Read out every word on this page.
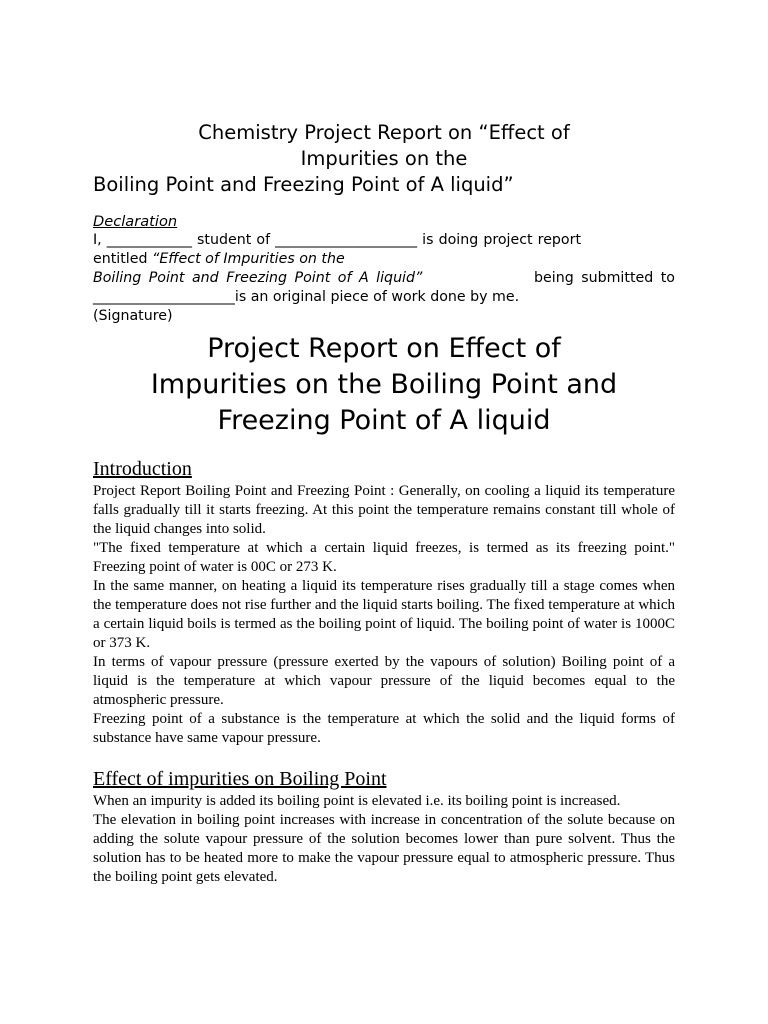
Chemistry Project Report on “Effect of
Impurities on the
Boiling Point and Freezing Point of A liquid”
Declaration
I, ____________ student of ____________________ is doing project report
entitled “Effect of Impurities on the
Boiling Point and Freezing Point of A liquid”	being submitted to
____________________is an original piece of work done by me.
(Signature)
Project Report on Effect of
Impurities on the Boiling Point and
Freezing Point of A liquid
Introduction

Project Report Boiling Point and Freezing Point : Generally, on cooling a liquid its temperature falls gradually till it starts freezing. At this point the temperature remains constant till whole of the liquid changes into solid.

"The fixed temperature at which a certain liquid freezes, is termed as its freezing point." Freezing point of water is 00C or 273 K.

In the same manner, on heating a liquid its temperature rises gradually till a stage comes when the temperature does not rise further and the liquid starts boiling. The fixed temperature at which a certain liquid boils is termed as the boiling point of liquid. The boiling point of water is 1000C or 373 K.

In terms of vapour pressure (pressure exerted by the vapours of solution) Boiling point of a liquid is the temperature at which vapour pressure of the liquid becomes equal to the atmospheric pressure.

Freezing point of a substance is the temperature at which the solid and the liquid forms of substance have same vapour pressure.

Effect of impurities on Boiling Point

When an impurity is added its boiling point is elevated i.e. its boiling point is increased.

The elevation in boiling point increases with increase in concentration of the solute because on adding the solute vapour pressure of the solution becomes lower than pure solvent. Thus the solution has to be heated more to make the vapour pressure equal to atmospheric pressure. Thus the boiling point gets elevated.
